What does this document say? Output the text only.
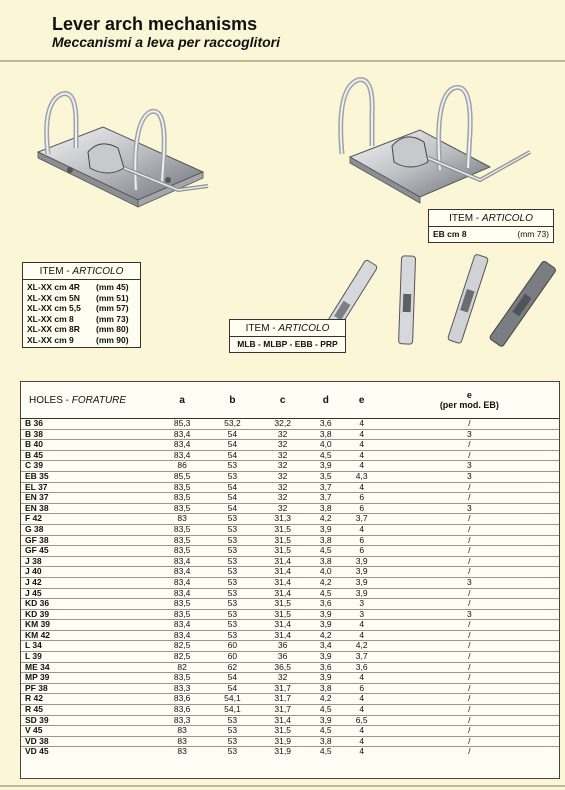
Lever arch mechanisms
Meccanismi a leva per raccoglitori
ITEM - ARTICOLO
XL-XX cm 4R (mm 45)
XL-XX cm 5N (mm 51)
XL-XX cm 5,5 (mm 57)
XL-XX cm 8	(mm 73)
XL-XX cm 8R (mm 80)
XL-XX cm 9	(mm 90)
ITEM - ARTICOLO
EB cm 8	(mm 73)
ITEM - ARTICOLO
MLB - MLBP - EBB - PRP
HOLES - FORATURE	a	b	c	d	e	e
(per mod. EB)

B 36	85,3	53,2	32,2	3,6	4	/
B 38	83,4	54	32	3,8	4	3
B 40	83,4	54	32	4,0	4	/
B 45	83,4	54	32	4,5	4	/
C 39	86	53	32	3,9	4	3
EB 35	85,5	53	32	3,5	4,3	3
EL 37	83,5	54	32	3,7	4	/
EN 37	83,5	54	32	3,7	6	/
EN 38	83,5	54	32	3,8	6	3
F 42	83	53	31,3	4,2	3,7	/
G 38	83,5	53	31,5	3,9	4	/
GF 38	83,5	53	31,5	3,8	6	/
GF 45	83,5	53	31,5	4,5	6	/
J 38	83,4	53	31,4	3,8	3,9	/
J 40	83,4	53	31,4	4,0	3,9	/
J 42	83,4	53	31,4	4,2	3,9	3
J 45	83,4	53	31,4	4,5	3,9	/
KD 36	83,5	53	31,5	3,6	3	/
KD 39	83,5	53	31,5	3,9	3	3
KM 39	83,4	53	31,4	3,9	4	/
KM 42	83,4	53	31,4	4,2	4	/
L 34	82,5	60	36	3,4	4,2	/
L 39	82,5	60	36	3,9	3,7	/
ME 34	82	62	36,5	3,6	3,6	/
MP 39	83,5	54	32	3,9	4	/
PF 38	83,3	54	31,7	3,8	6	/
R 42	83,6	54,1	31,7	4,2	4	/
R 45	83,6	54,1	31,7	4,5	4	/
SD 39	83,3	53	31,4	3,9	6,5	/
V 45	83	53	31,5	4,5	4	/
VD 38	83	53	31,9	3,8	4	/
VD 45	83	53	31,9	4,5	4	/
